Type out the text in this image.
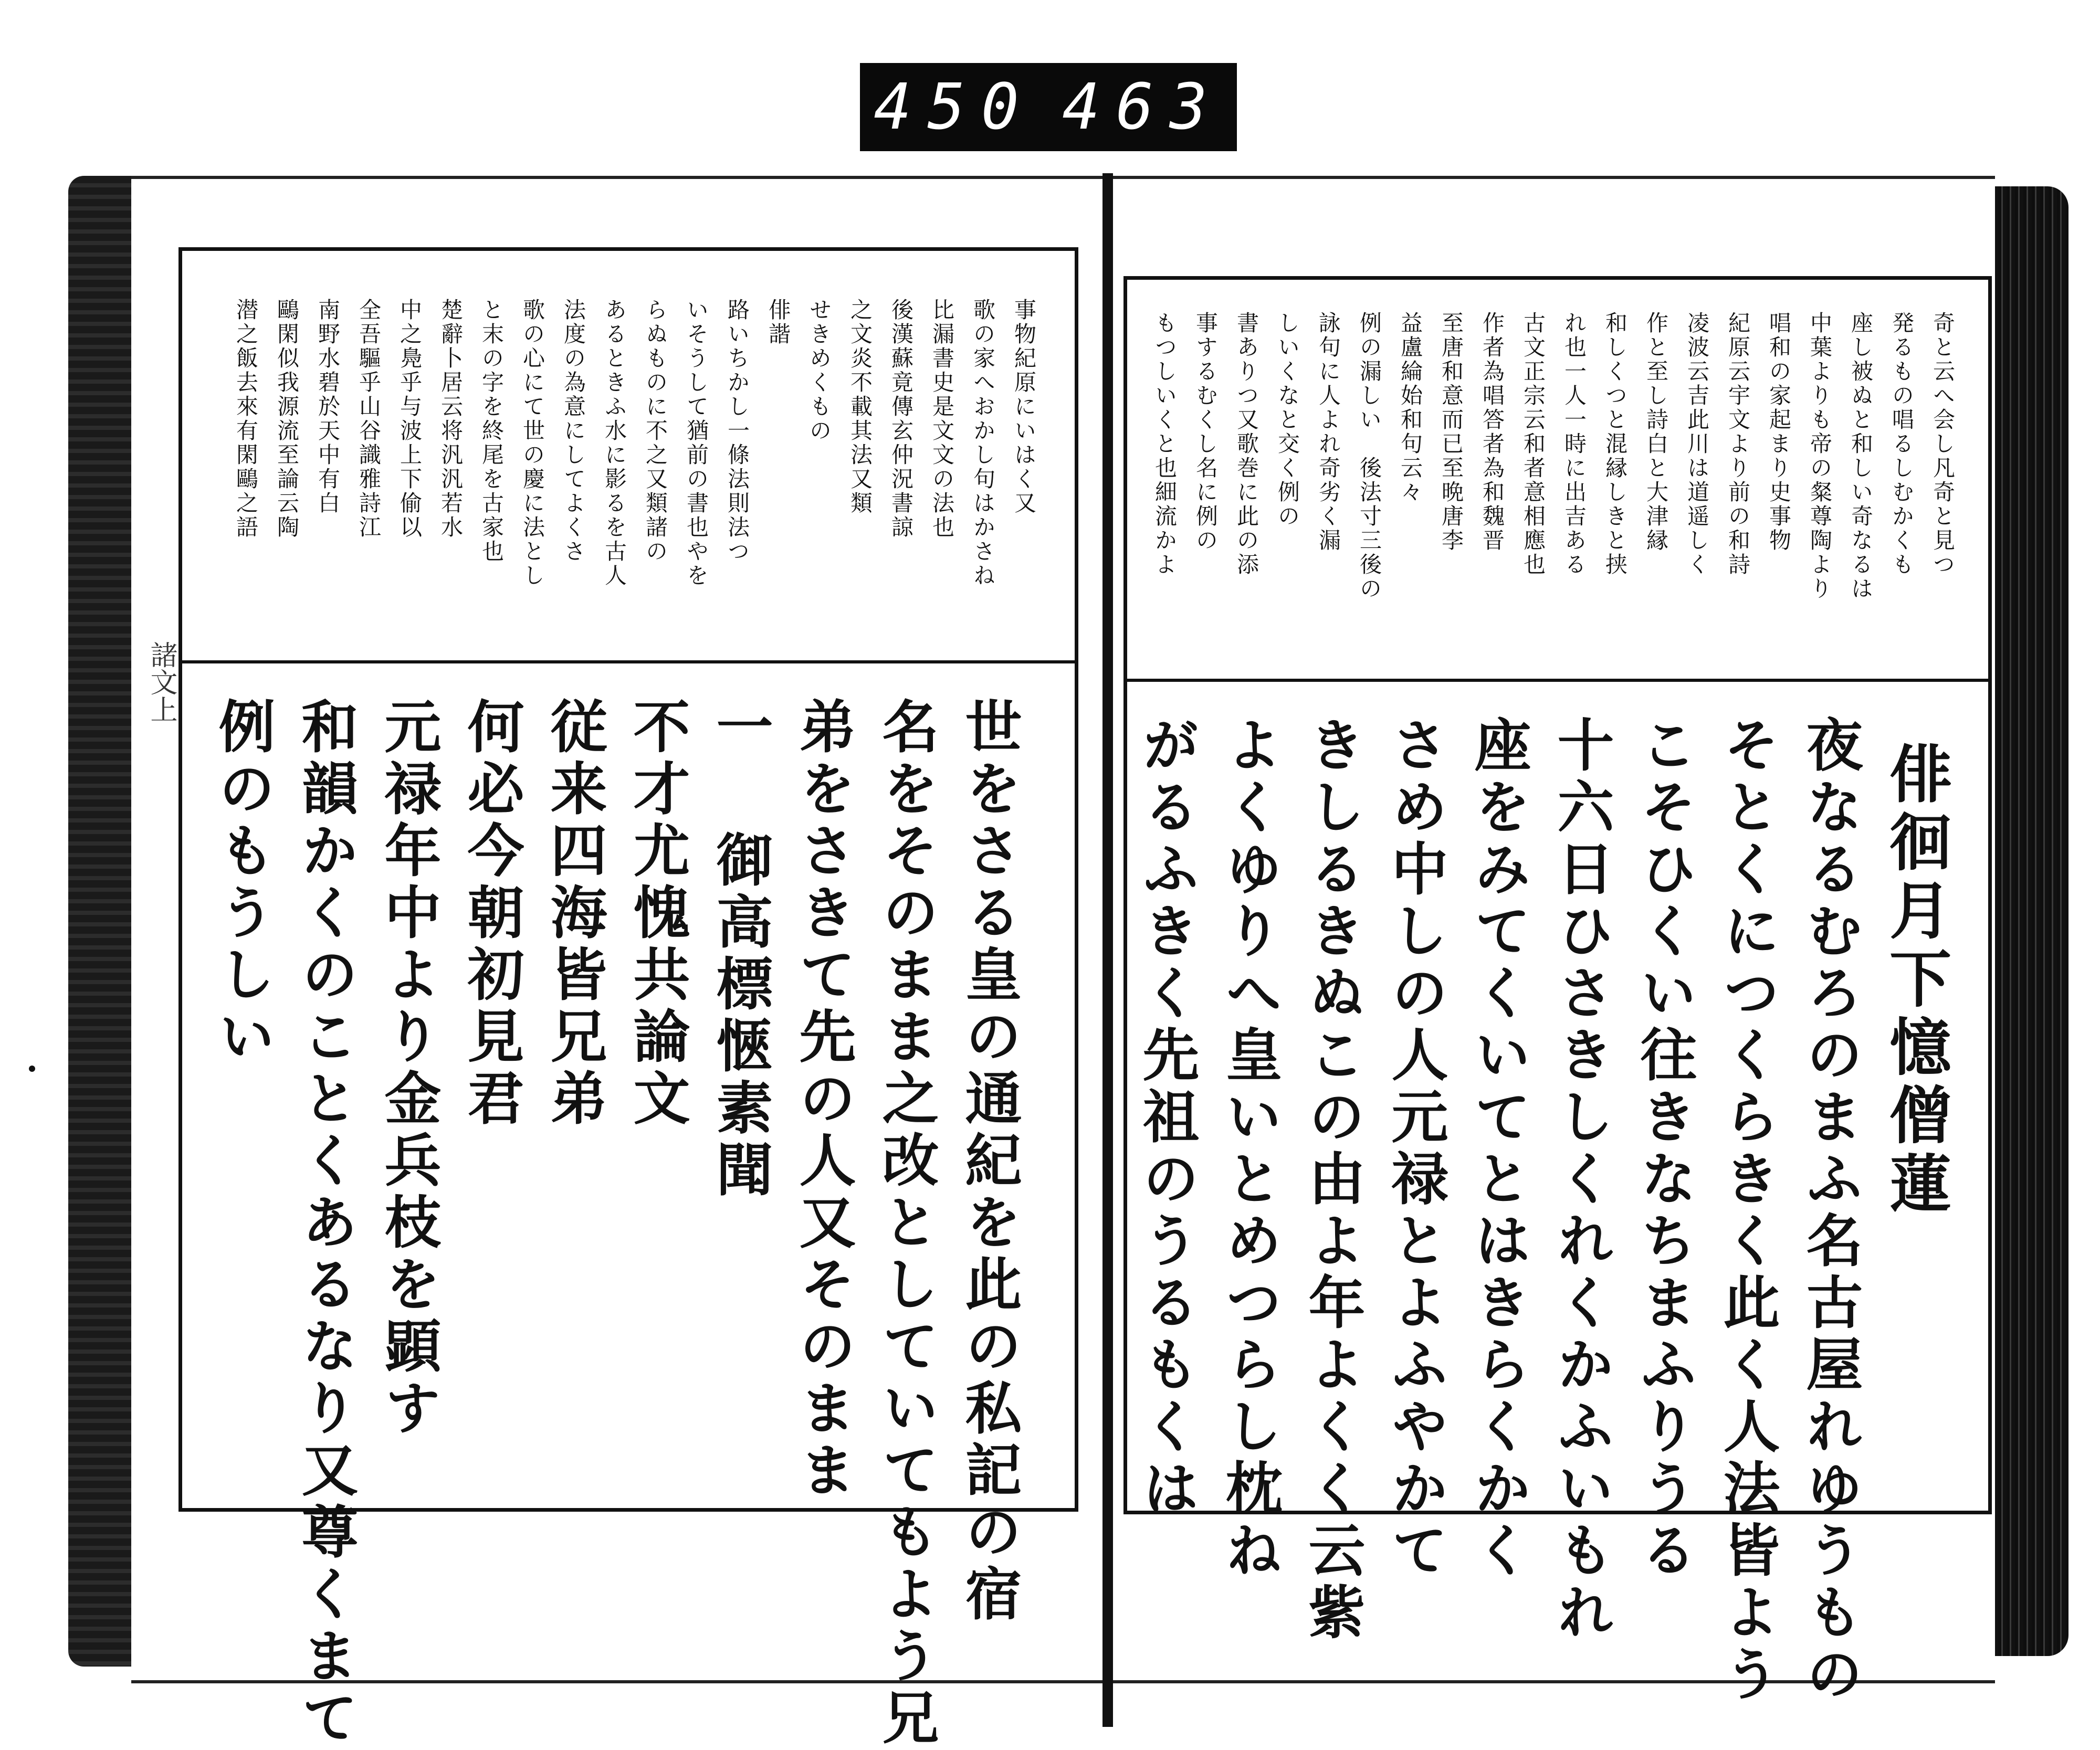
450 463
事物紀原にいはく又
歌の家へおかし句はかさね
比漏書史是文文の法也
後漢蘇竟傳玄仲況書諒
之文炎不載其法又類
せきめくもの
俳諧
路いちかし一條法則法つ
いそうして猶前の書也やを
らぬものに不之又類諸の
あるときふ水に影るを古人
法度の為意にしてよくさ
歌の心にて世の慶に法とし
と末の字を終尾を古家也
楚辭卜居云将汎汎若水
中之鳧乎与波上下偷以
全吾驅乎山谷識雅詩江
南野水碧於天中有白
鷗閑似我源流至論云陶
潜之飯去來有閑鷗之語
世をさる皇の通紀を此の私記の宿
名をそのまま之改としていてもよう兄
弟をさきて先の人又そのまま
一 御高標愜素聞
不才尤愧共論文
従来四海皆兄弟
何必今朝初見君
元禄年中より金兵枝を顕す
和韻かくのことくあるなり又尊くまて
例のもうしい
諸文上
奇と云へ会し凡奇と見つ
発るもの唱るしむかくも
座し被ぬと和しい奇なるは
中葉よりも帝の粲尊陶より
唱和の家起まり史事物
紀原云宇文より前の和詩
凌波云吉此川は道遥しく
作と至し詩白と大津縁
和しくつと混縁しきと挟
れ也一人一時に出吉ある
古文正宗云和者意相應也
作者為唱答者為和魏晋
至唐和意而已至晩唐李
益盧綸始和句云々
例の漏しい　後法寸三後の
詠句に人よれ奇劣く漏
しいくなと交く例の
書ありつ又歌巻に此の添
事するむくし名に例の
もつしいくと也細流かよ
俳徊月下憶僧蓮
夜なるむろのまふ名古屋れゆうもの
そとくにつくらきく此く人法皆よう
こそひくい往きなちまふりうる
十六日ひさきしくれくかふいもれ
座をみてくいてとはきらくかく
さめ中しの人元禄とよふやかて
きしるきぬこの由よ年よくく云紫
よくゆりへ皇いとめつらし枕ね
がるふきく先祖のうるもくは
